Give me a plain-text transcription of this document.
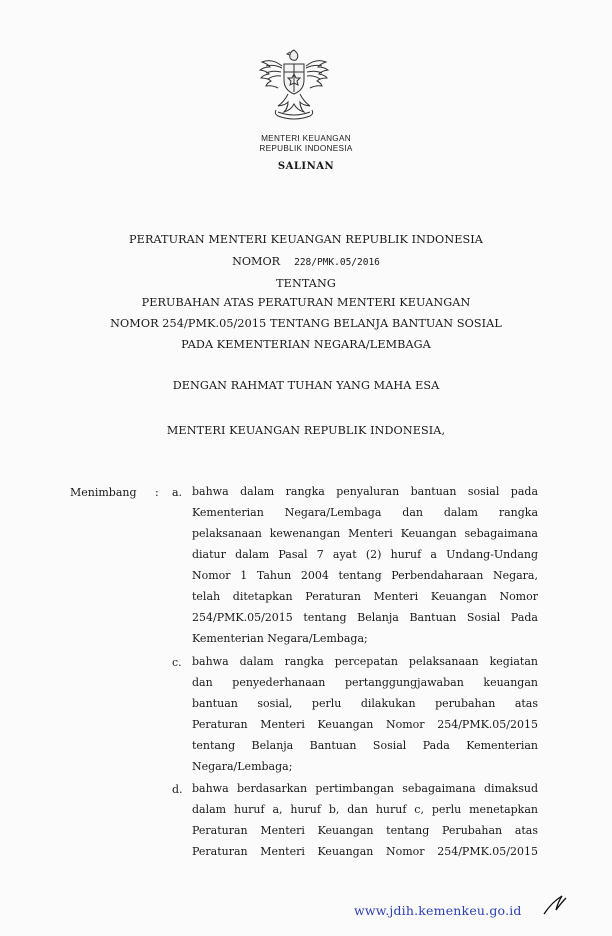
MENTERI KEUANGAN
REPUBLIK INDONESIA
SALINAN
PERATURAN MENTERI KEUANGAN REPUBLIK INDONESIA
NOMOR 228/PMK.05/2016
TENTANG
PERUBAHAN ATAS PERATURAN MENTERI KEUANGAN
NOMOR 254/PMK.05/2015 TENTANG BELANJA BANTUAN SOSIAL
PADA KEMENTERIAN NEGARA/LEMBAGA
DENGAN RAHMAT TUHAN YANG MAHA ESA
MENTERI KEUANGAN REPUBLIK INDONESIA,
Menimbang : a. bahwa dalam rangka penyaluran bantuan sosial pada
Kementerian Negara/Lembaga dan dalam rangka
pelaksanaan kewenangan Menteri Keuangan sebagaimana
diatur dalam Pasal 7 ayat (2) huruf a Undang-Undang
Nomor 1 Tahun 2004 tentang Perbendaharaan Negara,
telah ditetapkan Peraturan Menteri Keuangan Nomor
254/PMK.05/2015 tentang Belanja Bantuan Sosial Pada
Kementerian Negara/Lembaga;
c. bahwa dalam rangka percepatan pelaksanaan kegiatan
dan penyederhanaan pertanggungjawaban keuangan
bantuan sosial, perlu dilakukan perubahan atas
Peraturan Menteri Keuangan Nomor 254/PMK.05/2015
tentang Belanja Bantuan Sosial Pada Kementerian
Negara/Lembaga;
d. bahwa berdasarkan pertimbangan sebagaimana dimaksud
dalam huruf a, huruf b, dan huruf c, perlu menetapkan
Peraturan Menteri Keuangan tentang Perubahan atas
Peraturan Menteri Keuangan Nomor 254/PMK.05/2015
www.jdih.kemenkeu.go.id
